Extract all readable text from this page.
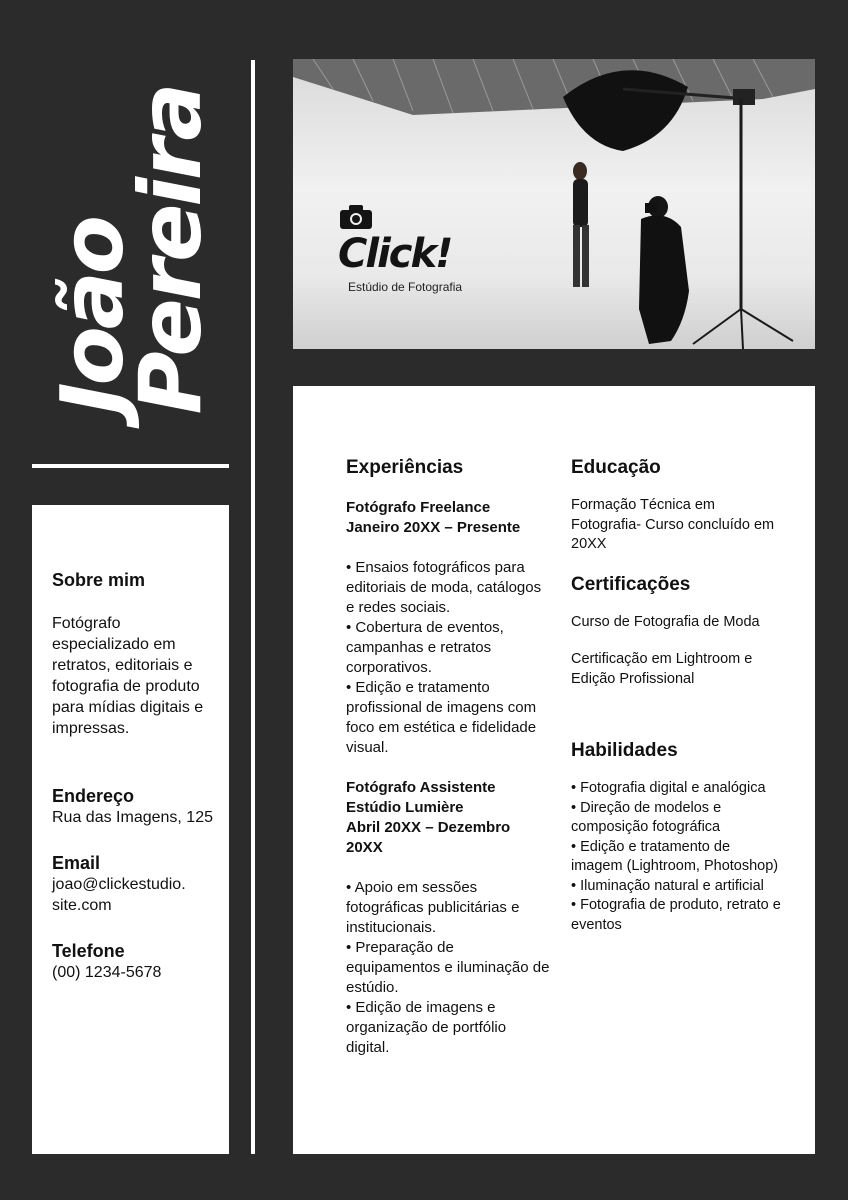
João
Pereira

Sobre mim

Fotógrafo especializado em retratos, editoriais e fotografia de produto para mídias digitais e impressas.

Endereço

Rua das Imagens, 125

Email

joao@clickestudio.

site.com

Telefone

(00) 1234-5678

Click!
Estúdio de Fotografia

Experiências

Fotógrafo Freelance

Janeiro 20XX – Presente

• Ensaios fotográficos para editoriais de moda, catálogos e redes sociais.

• Cobertura de eventos, campanhas e retratos corporativos.

• Edição e tratamento profissional de imagens com foco em estética e fidelidade visual.

Fotógrafo Assistente

Estúdio Lumière

Abril 20XX – Dezembro 20XX

• Apoio em sessões fotográficas publicitárias e institucionais.

• Preparação de equipamentos e iluminação de estúdio.

• Edição de imagens e organização de portfólio digital.

Educação

Formação Técnica em Fotografia- Curso concluído em 20XX

Certificações

Curso de Fotografia de Moda

Certificação em Lightroom e Edição Profissional

Habilidades

• Fotografia digital e analógica

• Direção de modelos e composição fotográfica

• Edição e tratamento de imagem (Lightroom, Photoshop)

• Iluminação natural e artificial

• Fotografia de produto, retrato e eventos
